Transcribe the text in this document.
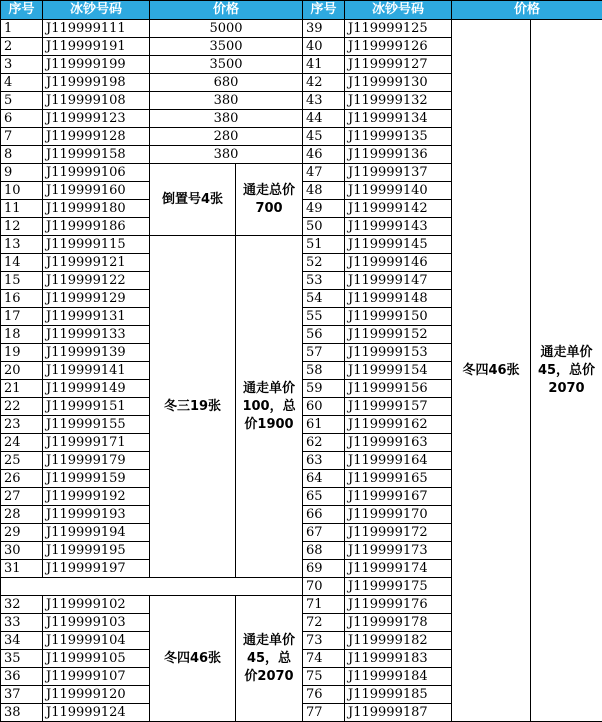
序号	冰钞号码	价格		序号	冰钞号码	价格	
1	J119999111	5000		39	J119999125	冬四46张	通走单价45，总价2070
2	J119999191	3500		40	J119999126		
3	J119999199	3500		41	J119999127		
4	J119999198	680		42	J119999130		
5	J119999108	380		43	J119999132		
6	J119999123	380		44	J119999134		
7	J119999128	280		45	J119999135		
8	J119999158	380		46	J119999136		
9	J119999106	倒置号4张	通走总价700	47	J119999137		
10	J119999160			48	J119999140		
11	J119999180			49	J119999142		
12	J119999186			50	J119999143		
13	J119999115	冬三19张	通走单价100，总价1900	51	J119999145		
14	J119999121			52	J119999146		
15	J119999122			53	J119999147		
16	J119999129			54	J119999148		
17	J119999131			55	J119999150		
18	J119999133			56	J119999152		
19	J119999139			57	J119999153		
20	J119999141			58	J119999154		
21	J119999149			59	J119999156		
22	J119999151			60	J119999157		
23	J119999155			61	J119999162		
24	J119999171			62	J119999163		
25	J119999179			63	J119999164		
26	J119999159			64	J119999165		
27	J119999192			65	J119999167		
28	J119999193			66	J119999170		
29	J119999194			67	J119999172		
30	J119999195			68	J119999173		
31	J119999197			69	J119999174		
				70	J119999175		
32	J119999102	冬四46张	通走单价45，总价2070	71	J119999176		
33	J119999103			72	J119999178		
34	J119999104			73	J119999182		
35	J119999105			74	J119999183		
36	J119999107			75	J119999184		
37	J119999120			76	J119999185		
38	J119999124			77	J119999187		
